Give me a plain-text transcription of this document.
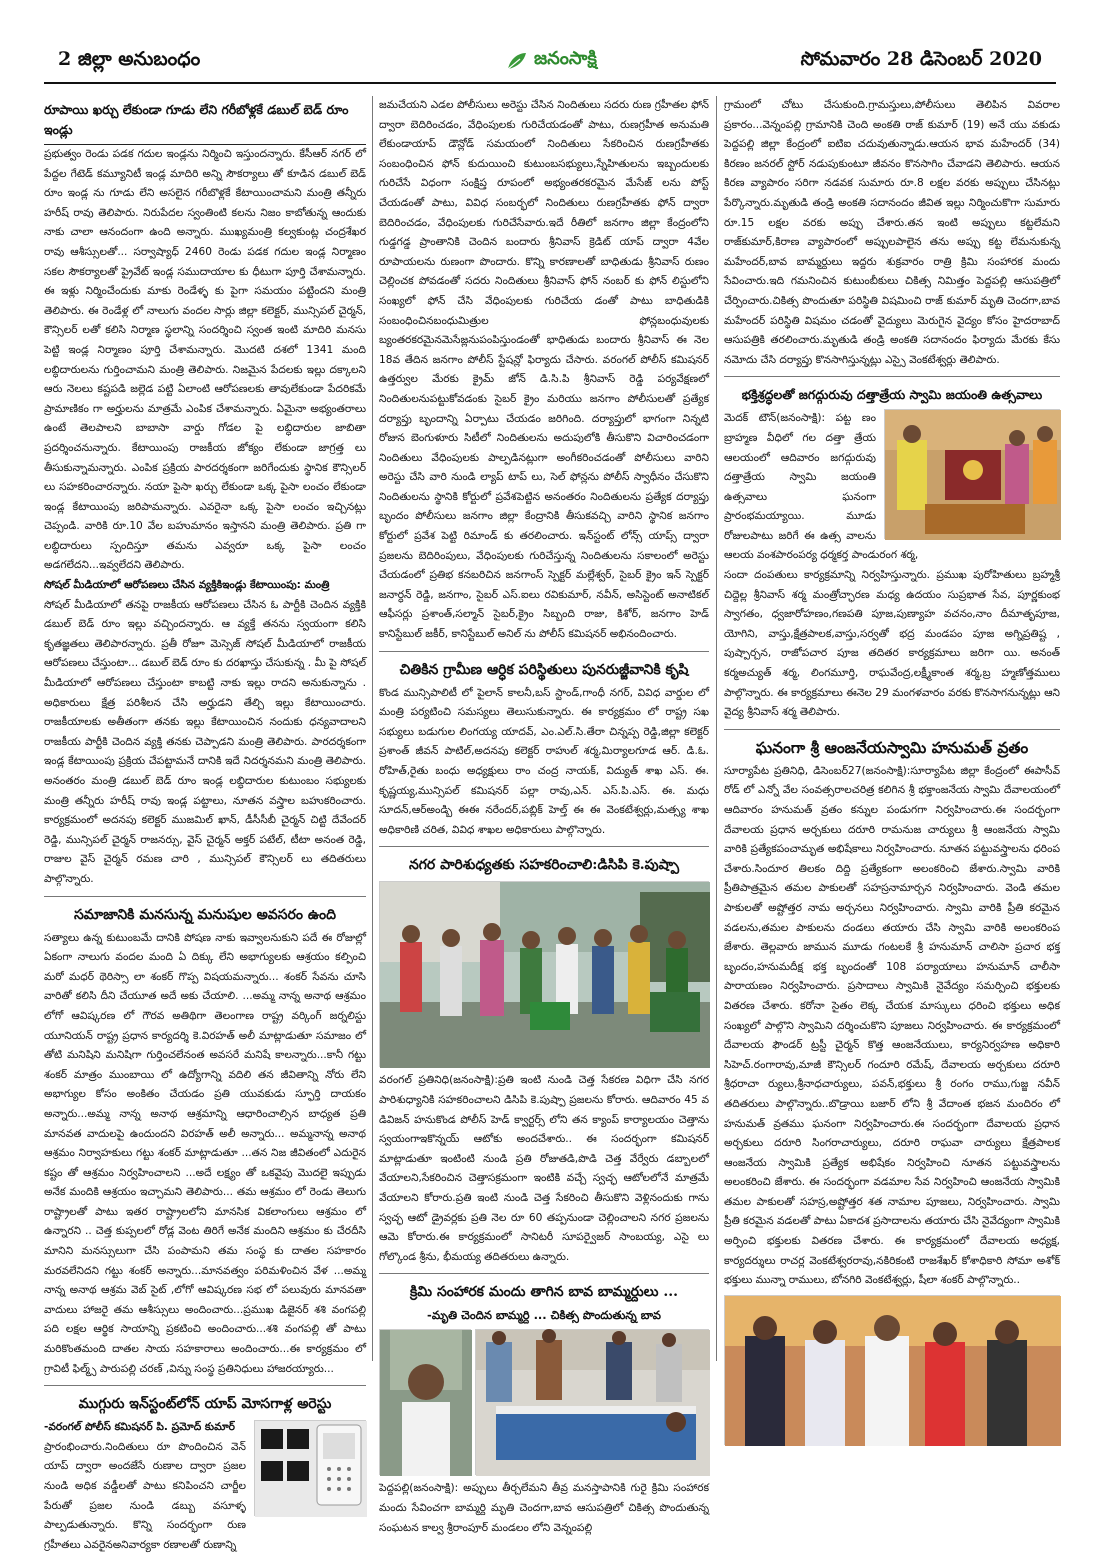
2 జిల్లా అనుబంధం	జనంసాక్షి	సోమవారం 28 డిసెంబర్ 2020
రూపాయి ఖర్చు లేకుండా గూడు లేని గరీబోళ్లకే డబుల్ బెడ్ రూం ఇండ్లు
ప్రభుత్వం రెండు పడక గదుల ఇండ్లను నిర్మించి ఇస్తుందన్నారు. కేసీఆర్ నగర్ లో పేద్దల గేటెడ్ కమ్యూనిటీ ఇండ్ల మాదిరి అన్ని సౌకర్యాలు తో కూడిన డబుల్ బెడ్ రూం ఇండ్ల ను గూడు లేని అసలైన గరీబొళ్లకే కేటాయించామని మంత్రి తన్నీరు హరీష్ రావు తెలిపారు. నిరుపేదల స్వంతింటి కలను నిజం కాబోతున్న ఆందుకు నాకు చాలా ఆనందంగా ఉంది అన్నారు. ముఖ్యమంత్రి కల్వకుంట్ల చంద్రశేఖర రావు ఆశీస్సులతో... సర్వాష్యాధ్ 2460 రెండు పడక గదుల ఇండ్ల నిర్మాణం సకల సౌకర్యాలతో ప్రైవేట్ ఇండ్ల సముదాయాల కు ధీటుగా పూర్తి చేశామన్నారు. ఈ ఇళ్లు నిర్మించేందుకు మాకు రెండేళ్ళ కు పైగా సమయం పట్టిందని మంత్రి తెలిపారు. ఈ రెండేళ్ల లో నాలుగు వందల సార్లు జిల్లా కలెక్టర్, మున్సిపల్ చైర్మన్, కౌన్సిలర్ లతో కలిసి నిర్మాణ స్థలాన్ని సందర్శించి స్వంత ఇంటి మాదిరి మనసు పెట్టి ఇండ్ల నిర్మాణం పూర్తి చేశామన్నారు. మొదటి దశలో 1341 మంది లబ్ధిదారులను గుర్తించామని మంత్రి తెలిపారు. నిజమైన పేదలకు ఇల్లు దక్కాలని ఆరు నెలలు కష్టపడి జల్లెడ పట్టి ఏలాంటి ఆరోపణలకు తావులేకుండా పేదరికమే ప్రామాణికం గా అర్హులను మాత్రమే ఎంపిక చేశామన్నారు. ఏమైనా అభ్యంతరాలు ఉంటే తెలపాలని బాబాసా వార్డు గోడల పై లబ్ధిదారుల జాబితా ప్రదర్శించనున్నారు. కేటాయింపు రాజకీయ జోక్యం లేకుండా జాగ్రత్త లు తీసుకున్నామన్నారు. ఎంపిక ప్రక్రియ పారదర్శకంగా జరిగేందుకు స్థానిక కౌన్సిలర్ లు సహకరించారన్నారు. నయా పైసా ఖర్చు లేకుండా ఒక్క పైసా లంచం లేకుండా ఇండ్ల కేటాయింపు జరిపామన్నారు. ఎవరైనా ఒక్క పైసా లంచం ఇచ్చినట్లు చెప్పండి. వారికి రూ.10 వేల బహుమానం ఇస్తానని మంత్రి తెలిపారు. ప్రతి గా లబ్ధిదారులు స్పందిస్తూ తమను ఎవ్వరూ ఒక్క పైసా లంచం అడగలేదని...ఇవ్వలేదని తెలిపారు.
సోషల్ మీడియాలో ఆరోపణలు చేసిన వ్యక్తికిఇండ్లు కేటాయింపు: మంత్రి
సోషల్ మీడియాలో తనపై రాజకీయ ఆరోపణలు చేసిన ఓ పార్టీకి చెందిన వ్యక్తికి డబుల్ బెడ్ రూం ఇల్లు వచ్చిందన్నారు. ఆ వ్యక్తే తనను స్వయంగా కలిసి కృతజ్ఞతలు తెలిపారన్నారు. ప్రతీ రోజూ మెస్సెజ్ సోషల్ మీడియాలో రాజకీయ ఆరోపణలు చేస్తుంటా... డబుల్ బెడ్ రూం కు దరఖాస్తు చేసుకున్న . మీ పై సోషల్ మీడియాలో ఆరోపణలు చేస్తుంటా కాబట్టి నాకు ఇల్లు రాదని అనుకున్నాను . అధికారులు క్షేత్ర పరిశీలన చేసి అర్హుడని తేల్చి ఇల్లు కేటాయించారు. రాజకీయాలకు అతీతంగా తనకు ఇల్లు కేటాయించిన నందుకు ధన్యవాదాలని రాజకీయ పార్టీకి చెందిన వ్యక్తి తనకు చెప్పాడని మంత్రి తెలిపారు. పారదర్శకంగా ఇండ్ల కేటాయింపు ప్రక్రియ చేపట్టామనే దానికి ఇదే నిదర్శనమని మంత్రి తెలిపారు. అనంతరం మంత్రి డబుల్ బెడ్ రూం ఇండ్ల లబ్ధిదారుల కుటుంబం సభ్యులకు మంత్రి తన్నీరు హరీష్ రావు ఇండ్ల పట్టాలు, నూతన వస్త్రాల బహుకరించారు. కార్యక్రమంలో అదనపు కలెక్టర్ ముజమిల్ ఖాన్, డీసీసీబీ చైర్మన్ చిట్టి దేవేందర్ రెడ్డి, మున్సిపల్ చైర్మన్ రాజనర్సు, వైస్ చైర్మన్ అక్తర్ పటేల్, టీటా అనంత రెడ్డి, రాజుల వైస్ చైర్మన్ రమణ చారి , మున్సిపల్ కౌన్సిలర్ లు తదితరులు పాల్గొన్నారు.
సమాజానికి మనసున్న మనుషుల అవసరం ఉంది
సత్యాలు ఉన్న కుటుంబమే దానికి పోషణ నాకు ఇవ్వాలనుకుని పదే ఈ రోజుల్లో ఏకంగా నాలుగు వందల మంది ఏ దిక్కు లేని అభాగ్యులకు ఆశ్రయం కల్పించి మరో మధర్ థెరిస్సా లా శంకర్ గొప్ప విషయమన్నారు... శంకర్ సేవను చూసి వారితో కలిసి దీని చేయూత అదే అకు చేయాలి. ...అమ్మ నాన్న అనాథ ఆశ్రమం లోగో ఆవిష్కరణ లో గౌరవ అతిథిగా తెలంగాణ రాష్ట్ర వర్కింగ్ జర్నలిస్టు యూనియన్ రాష్ట్ర ప్రధాన కార్యదర్శి కె.విరహత్ అలీ మాట్లాడుతూ సమాజం లో తోటి మనిషిని మనిషిగా గుర్తించలేనంత అవసరే మనిషే కాలన్నారు...కానీ గట్టు శంకర్ మాత్రం ముంబాయి లో ఉద్యోగాన్ని వదిలి తన జీవితాన్ని నోరు లేని అభాగ్యుల కోసం అంకితం చేయడం ప్రతి యువకుడు స్ఫూర్తి దాయకం అన్నారు...అమ్మ నాన్న అనాథ ఆశ్రమాన్ని ఆధారించాల్సిన బాధ్యత ప్రతి మానవత వాదులపై ఉందుందని విరహత్ అలీ అన్నారు... అమ్మనాన్న అనాథ ఆశ్రమం నిర్వాహకులు గట్టు శంకర్ మాట్లాడుతూ ...తన నిజ జీవితంలో ఎదురైన కష్టం తో ఆశ్రమం నిర్వహించాలని ...అదే లక్ష్యం తో ఒకవైపు మొదలై ఇప్పుడు అనేక మందికి ఆశ్రయం ఇచ్చామని తెలిపారు... తమ ఆశ్రమం లో రెండు తెలుగు రాష్ట్రాలతో పాటు ఇతర రాష్ట్రాలలోని మానసిక వికలాంగులు ఆశ్రమం లో ఉన్నారని .. చెత్త కుప్పలలో రోడ్ల వెంట తిరిగే అనేక మందిని ఆశ్రమం కు చేరదీసి మానిని మనస్సులుగా చేసి పంపామని తమ సంస్థ కు దాతల సహకారం మరవలేనిదని గట్టు శంకర్ అన్నారు...మానవత్వం పరిమళించిన వేళ ...అమ్మ నాన్న అనాథ ఆశ్రమ వెబ్ సైట్ ,లోగో ఆవిష్కరణ సభ లో పలువురు మానవతా వాదులు హాజరై తమ ఆశీస్సులు అందించారు...ప్రముఖ డిజైనర్ శశి వంగపల్లి పది లక్షల ఆర్థిక సాయాన్ని ప్రకటించి అందించారు...శశి వంగపల్లి తో పాటు మరికొంతమంది దాతల సాయ సహకారాలు అందించారు...ఈ కార్యక్రమం లో గ్రావిటీ ఫిల్మ్స్ పారుపల్లి చరణ్ ,విన్ను సంస్థ ప్రతినిధులు హాజరయ్యారు...
ముగ్గురు ఇన్‌స్టంట్‌లోన్ యాప్ మోసగాళ్ల అరెస్టు
-వరంగల్ పోలీస్ కమిషనర్ పి. ప్రమోద్ కుమార్
ప్రారంభించారు.నిందితులు రూ పొందించిన వెన్ యాప్ ద్వారా అందజేసే రుణాల ద్వారా ప్రజల నుండి అధిక వడ్డీలతో పాటు కనిపించని చార్జీల పేరుతో ప్రజల నుండి డబ్బు వసూళ్ళ పాల్పడుతున్నారు. కొన్ని సందర్భంగా రుణ గ్రహీతలు ఎవరైనఅనివార్యకా రణాలతో రుణాన్ని
జమచేయని ఎడల పోలీసులు అరెస్టు చేసిన నిందితులు సదరు రుణ గ్రహీతల ఫోన్ ద్వారా బెదిరించడం, వేధింపులకు గురిచేయడంతో పాటు, రుణగ్రహీత అనుమతి లేకుండాయాప్ డౌన్లోడ్ సమయంలో నిందితులు సేకరించిన రుణగ్రహీతకు సంబంధించిన ఫోన్ కుదుయించి కుటుంబసభ్యులు,స్నేహితులను ఇబ్బందులకు గురిచేసే విధంగా సంక్షిప్త రూపంలో అభ్యంతరకరమైన మేసేజ్ లను పోస్ట్ చేయడంతో పాటు, వివిధ సంబర్భలో నిందితులు రుణగ్రహీతకు ఫోన్ ద్వారా బెదిరించడం, వేధింపులకు గురిచేసేవారు.ఇదే రీతిలో జనగాం జిల్లా కేంద్రంలోని గుడ్డగడ్డ ప్రాంతానికి చెందిన బందారు శ్రీనివాస్ క్రెడిట్ యాప్ ద్వారా 4వేల రూపాయలను రుణంగా పొందారు. కొన్ని కారణాలతో బాధితుడు శ్రీనివాస్ రుణం చెల్లించక పోవడంతో సదరు నిందితులు శ్రీనివాస్ ఫోన్ నంబర్ కు ఫోన్ లిస్టులోని సంఖ్యలో ఫోన్ చేసి వేధింపులకు గురిచేయ డంతో పాటు బాధితుడికి సంబంధించినబంధుమిత్రుల ఫోన్లబంధువులకు బ్యంతరకరమైనమెసేజ్లనుపంపిస్తుండంతో భాధితుడు బందారు శ్రీనివాస్ ఈ నెల 18వ తేదిన జనగాం పోలీస్ స్టేషన్లో ఫిర్యాదు చేసారు. వరంగల్ పోలీస్ కమిషనర్ ఉత్తర్వుల మేరకు క్రైమ్ జోన్ డి.సి.పి శ్రీనివాస్ రెడ్డి పర్యవేక్షణలో నిందితులనుపట్టుకోవడంకు సైబర్ క్రైం మరియు జనగాం పోలీసులతో ప్రత్యేక దర్యాప్తు బృందాన్ని ఏర్పాటు చేయడం జరిగింది. దర్యాప్తులో భాగంగా నిన్నటి రోజున బెంగుళూరు సిటీలో నిందితులను అదుపులోకి తీసుకొని విచారించడంగా నిందితులు వేధింపులకు పాల్పడినట్లుగా అంగీకరించడంతో పోలీసులు వారిని అరెస్టు చేసి వారి నుండి ల్యాప్ టాప్ లు, సెల్ ఫోన్లను పోలీస్ స్వాధీనం చేసుకొని నిందితులను స్థానికి కోర్టులో ప్రవేశపెట్టిన అనంతరం నిందితులను ప్రత్యేక దర్యాప్తు బృందం పోలీసులు జనగాం జిల్లా కేంద్రానికి తీసుకవచ్చి వారిని స్థానిక జనగాం కోర్టులో ప్రవేశ పెట్టి రిమాండ్ కు తరలించారు. ఇన్‌స్టంట్ లోన్స్ యాప్స్ ద్వారా ప్రజలను బెదిరింపులు, వేధింపులకు గురిచేస్తున్న నిందితులను సకాలంలో అరెస్టు చేయడంలో ప్రతిభ కనబరిచిన జనగాంస్ స్పెక్టర్ మల్లేశ్వర్, సైబర్ క్రైం ఇన్ స్పెక్టర్ జనార్ధన్ రెడ్డి, జనగాం, సైబర్ ఎస్.ఐలు రవికుమార్, నవీన్, అసిస్టెంట్ అనాటికల్ ఆఫీసర్లు ప్రశాంత్,సల్మాన్ సైబర్,క్రైం సిబ్బంది రాజు, కిశోర్, జనగాం హెడ్ కానిస్టేబుల్ జకీర్, కానిస్టేబుల్ అనిల్ ను పోలీస్ కమిషనర్ అభినందించారు.
చితికిన గ్రామీణ ఆర్ధిక పరిస్థితులు పునరుజ్జీవానికి కృషి
కొండ మున్సిపాలిటీ లో పైలాన్ కాలనీ,బస్ స్టాండ్,గాంధీ నగర్, వివిధ వార్డుల లో మంత్రి పర్యటించి సమస్యలు తెలుసుకున్నారు. ఈ కార్యక్రమం లో రాష్ట్ర సఖ సభ్యులు బడుగుల లింగయ్య యాదవ్, ఎం.ఎల్.సి.తేరా చిన్నప్ప రెడ్డి,జిల్లా కలెక్టర్ ప్రశాంత్ జీవన్ పాటిల్,అదనపు కలెక్టర్ రాహుల్ శర్మ,మిర్యాలగూడ ఆర్. డి.ఓ. రోహిత్,రైతు బంధు అధ్యక్షులు రాం చంద్ర నాయక్, విద్యుత్ శాఖ ఎస్. ఈ. కృష్ణయ్య,మున్సిపల్ కమిషనర్ పల్లా రావు,ఎన్. ఎస్.పి.ఎస్. ఈ. మధు సూదన్,ఆర్అండ్బి ఈఈ నరేందర్,పబ్లిక్ హెల్త్ ఈ ఈ వెంకటేశ్వర్లు,మత్స్య శాఖ అధికారిణి చరిత, వివిధ శాఖల అధికారులు పాల్గొన్నారు.
నగర పారిశుధ్యతకు సహకరించాలి:డిసిపి కె.పుష్పా
వరంగల్ ప్రతినిధి(జనంసాక్షి):ప్రతి ఇంటి నుండి చెత్త సేకరణ విధిగా చేసి నగర పారిశుధ్యానికి సహకరించాలని డిసిపి కె.పుష్పా ప్రజలను కోరారు. ఆదివారం 45 వ డివిజన్ హనుకొండ పోలీస్ హెడ్ క్వార్టర్స్ లోని తన క్యాంప్ కార్యాలయం చెత్తాను స్వయంగాఇకొన్నయ్ ఆటోకు అందచేశారు.. ఈ సందర్భంగా కమిషనర్ మాట్లాడుతూ ఇంటింటి నుండి ప్రతి రోజుతడి,పొడి చెత్త వేర్వేరు డబ్బాలలో వేయాలని,సేకరించిన చెత్తాసక్రమంగా ఇంటికి వచ్చే స్వచ్ఛ ఆటోలలోనే మాత్రమే వేయాలని కోరారు.ప్రతి ఇంటి నుండి చెత్త సేకరించి తీసుకొని వెళ్లినందుకు గాను స్వచ్ఛ ఆటో డ్రైవర్లకు ప్రతి నెల రూ 60 తప్పనుండా చెల్లించాలని నగర ప్రజలను ఆమె కోరారు.ఈ కార్యక్రమంలో సానిటరీ సూపర్వైజర్ సాంబయ్య, ఎసై లు గోల్కొండ శ్రీను, భీమయ్య తదితరులు ఉన్నారు.
క్రిమి సంహారక మందు తాగిన బావ బామ్మర్దులు ...
-మృతి చెందిన బామ్మర్ది ... చికిత్స పొందుతున్న బావ
పెద్దపల్లి(జనంసాక్షి): అప్పులు తీర్చలేమని తీవ్ర మనస్తాపానికి గురై క్రిమి సంహారక మందు సేవించగా బామ్మర్ది మృతి చెందగా,బావ ఆసుపత్రిలో చికిత్స పొందుతున్న సంఘటన కాల్వ శ్రీరాంపూర్ మండలం లోని వెన్నంపల్లి
గ్రామంలో చోటు చేసుకుంది.గ్రామస్తులు,పోలీసులు తెలిపిన వివరాల ప్రకారం...వెన్నంపల్లి గ్రామానికి చెంది అంకతి రాజ్ కుమార్ (19) అనే యు వకుడు పెద్దపల్లి జిల్లా కేంద్రంలో ఐటిఐ చదువుతున్నాడు.ఆయన భావ మహేందర్ (34) కిరణం జనరల్ స్టోర్ నడుపుకుంటూ జీవనం కొనసాగిం చేవాడని తెలిపారు. ఆయన కిరణ వ్యాపారం సరిగా నడవక సుమారు రూ.8 లక్షల వరకు అప్పులు చేసినట్లు పేర్కొన్నారు.మృతుడి తండ్రి అంకతి సదానందం జీవిత ఇల్లు నిర్మించుకొగా సుమారు రూ.15 లక్షల వరకు అప్పు చేశారు.తన ఇంటి అప్పులు కట్టలేమని రాజ్‌కుమార్,కిరాణ వ్యాపారంలో అప్పులపాలైన తను అప్పు కట్ట లేమనుకున్న మహేందర్,బావ బామ్మర్దులు ఇద్దరు శుక్రవారం రాత్రి క్రిమి సంహారక మందు సేవించారు.ఇది గమనించిన కుటుంబీకులు చికిత్స నిమిత్తం పెద్దపల్లి ఆసుపత్రిలో చేర్పించారు.చికిత్స పొందుతూ పరిస్థితి విషమించి రాజ్ కుమార్ మృతి చెందగా,బావ మహేందర్ పరిస్థితి విషమం చడంతో వైద్యులు మెరుగైన వైద్యం కోసం హైదరాబాద్ ఆసుపత్రికి తరలించారు.మృతుడి తండ్రి అంకతి సదానందం ఫిర్యాదు మేరకు కేసు నమోదు చేసి దర్యాప్తు కొనసాగిస్తున్నట్లు ఎస్సై వెంకటేశ్వర్లు తెలిపారు.
భక్తిశ్రద్ధలతో జగద్గురువు దత్తాత్రేయ స్వామి జయంతి ఉత్సవాలు
మెదక్ టౌన్(జనంసాక్షి): పట్ట ణం బ్రాహ్మణ వీధిలో గల దత్తా త్రేయ ఆలయంలో ఆదివారం జగద్గురువు దత్తాత్రేయ స్వామి జయంతి ఉత్సవాలు ఘనంగా ప్రారంభమయ్యాయి. మూడు రోజులపాటు జరిగే ఈ ఉత్స వాలను ఆలయ వంశపారంపర్య ధర్మకర్త పాండురంగ శర్మ,
సందా దంపతులు కార్యక్రమాన్ని నిర్వహిస్తున్నారు. ప్రముఖ పురోహితులు బ్రహ్మశ్రీ చిద్దెల్ల శ్రీనివాస్ శర్మ మంత్రోచ్ఛారణ మధ్య ఉదయం సుప్రభాత సేవ, పూర్ణకుంభ స్వాగతం, ధ్వజారోహణం,గణపతి పూజ,పుణ్యాహ వచనం,నాం దీమాతృపూజ, యోగిని, వాస్తు,క్షేత్రపాలక,వాస్తు,సర్వతో భద్ర మండపం పూజ అగ్నిప్రతిష్ట , పుష్పార్చన, రాజోపచార పూజ తదితర కార్యక్రమాలు జరిగా యి. అనంత్ కర్మఅచ్యుత్ శర్మ, లింగమూర్తి, రాఘవేంద్ర,లక్ష్మీకాంత శర్మ,బ్ర హ్మణోత్తములు పాల్గొన్నారు. ఈ కార్యక్రమాలు ఈనెల 29 మంగళవారం వరకు కొనసాగనున్నట్లు ఆని వైద్య శ్రీనివాస్ శర్మ తెలిపారు.
ఘనంగా శ్రీ ఆంజనేయస్వామి హనుమత్ వ్రతం
సూర్యాపేట ప్రతినిధి, డిసెంబర్27(జనంసాక్షి):సూర్యాపేట జిల్లా కేంద్రంలో ఈపాసీవ్ రోడ్ లో ఎన్నో వేల సంవత్సరాలచరిత్ర కలిగిన శ్రీ భక్తాంజనేయ స్వామి దేవాలయంలో ఆదివారం హనుమత్ వ్రతం కన్నుల పండుగగా నిర్వహించారు.ఈ సందర్భంగా దేవాలయ ప్రధాన అర్చకులు దరూరి రామనుజ చార్యులు శ్రీ ఆంజనేయ స్వామి వారికి ప్రత్యేకపంచామృత అభిషేకాలు నిర్వహించారు. నూతన పట్టువస్త్రాలను ధరింప చేశారు.సిందూర తిలకం దిద్ది ప్రత్యేకంగా అలంకరించి జేశారు.స్వామి వారికి ప్రీతిపాత్రమైన తమల పాకులతో సహస్రనామార్చన నిర్వహించారు. వెండి తమల పాకులతో అష్టోత్తర నామ అర్చనలు నిర్వహించారు. స్వామి వారికి ప్రీతి కరమైన వడలను,తమల పాకులను దండలు తయారు చేసి స్వామి వారికి అలంకరింప జేశారు. తెల్లవారు జామున మూడు గంటలకే శ్రీ హనుమాన్ చాలిసా ప్రచార భక్త బృందం,హనుమదీక్ష భక్త బృందంతో 108 పర్యాయాలు హనుమాన్ చాలీసా పారాయణం నిర్వహించారు. ప్రసాదాలు స్వామికి నైవేద్యం సమర్పించి భక్తులకు వితరణ చేశారు. కరోనా సైతం లెక్క చేయక మాస్కులు ధరించి భక్తులు అధిక సంఖ్యలో పాల్గొని స్వామిని దర్శించుకొని పూజలు నిర్వహించారు. ఈ కార్యక్రమంలో దేవాలయ ఫౌండర్ ట్రస్టీ చైర్మన్ కొత్త ఆంజనేయులు, కార్యనిర్వహణ అధికారి సిహెచ్.రంగారావు,మాజీ కౌన్సిలర్ గందూరి రమేష్, దేవాలయ అర్చకులు దరూరి శ్రీధరాచా ర్యులు,శ్రీనాధచార్యులు, పవన్,భక్తులు శ్రీ రంగం రాము,గుజ్జ నవీన్ తదితరులు పాల్గొన్నారు..బొడ్రాయి బజార్ లోని శ్రీ వేదాంత భజన మందిరం లో హనుమత్ వ్రతము ఘనంగా నిర్వహించారు.ఈ సందర్భంగా దేవాలయ ప్రధాన అర్చకులు దరూరి సింగరాచార్యులు, దరూరి రాఘవా చార్యులు క్షేత్రపాలక ఆంజనేయ స్వామికి ప్రత్యేక అభిషేకం నిర్వహించి నూతన పట్టువస్త్రాలను అలంకరించి జేశారు. ఈ సందర్భంగా వడమాల సేవ నిర్వహించి ఆంజనేయ స్వామికి తమల పాకులతో సహస్ర,అష్టోత్తర శత నామాల పూజలు, నిర్వహించారు. స్వామి ప్రీతి కరమైన వడలతో పాటు ఏకాదశ ప్రసాదాలను తయారు చేసి నైవేద్యంగా స్వామికి అర్పించి భక్తులకు వితరణ చేశారు. ఈ కార్యక్రమంలో దేవాలయ అధ్యక్ష, కార్యదర్శులు రాచర్ల వెంకటేశ్వరరావు,నకిరికంటి రాజశేఖర్ కోశాధికారి సోమా అశోక్ భక్తులు మున్నా రాములు, బోనగిరి వెంకటేశ్వర్లు, షీలా శంకర్ పాల్గొన్నారు..
